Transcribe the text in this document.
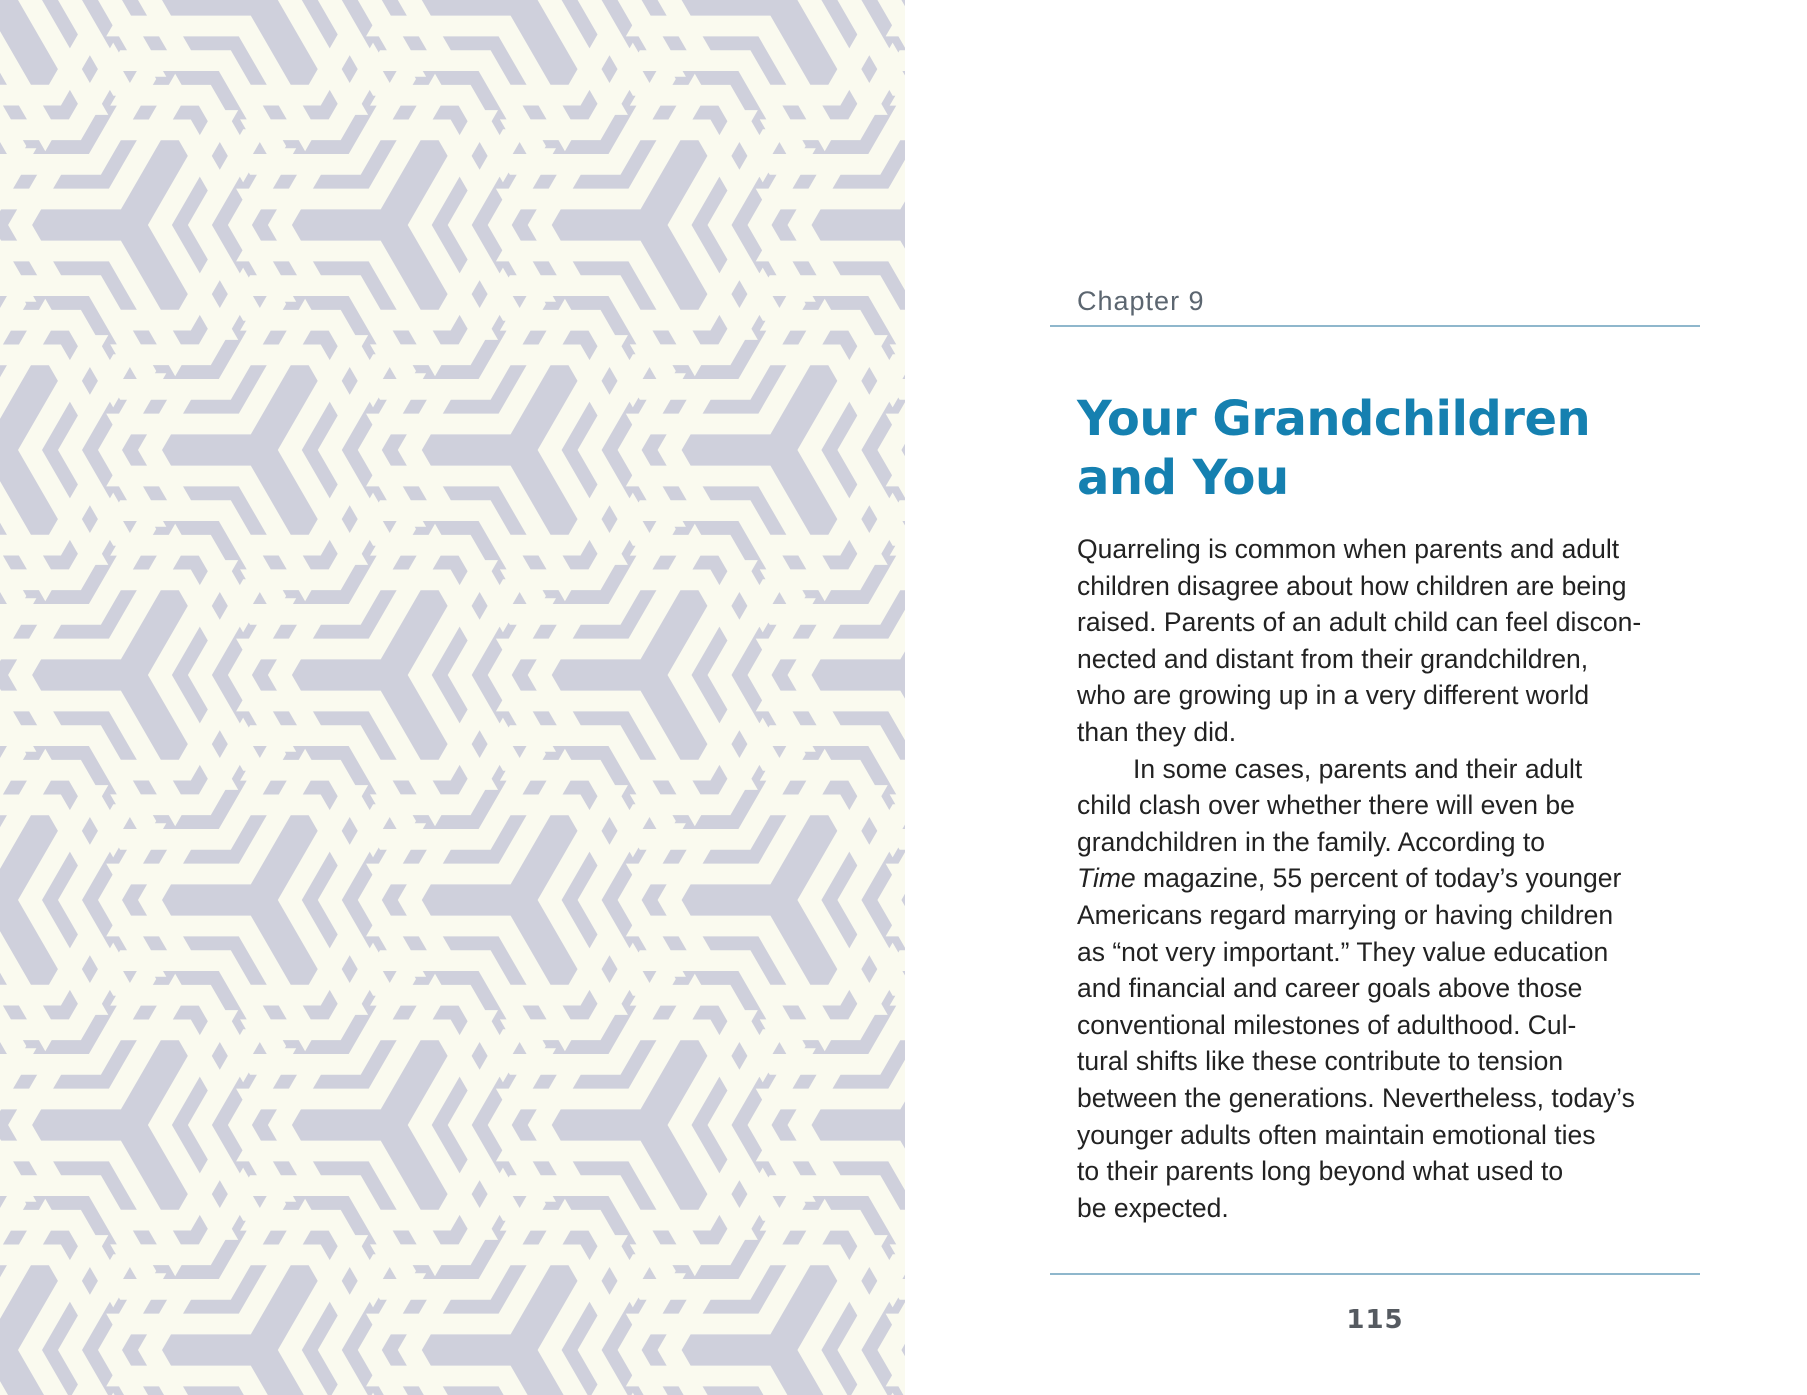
Chapter 9
Your Grandchildren
and You
Quarreling is common when parents and adult
children disagree about how children are being
raised. Parents of an adult child can feel discon-
nected and distant from their grandchildren,
who are growing up in a very different world
than they did.
In some cases, parents and their adult
child clash over whether there will even be
grandchildren in the family. According to
Time magazine, 55 percent of today’s younger
Americans regard marrying or having children
as “not very important.” They value education
and financial and career goals above those
conventional milestones of adulthood. Cul-
tural shifts like these contribute to tension
between the generations. Nevertheless, today’s
younger adults often maintain emotional ties
to their parents long beyond what used to
be expected.
115
